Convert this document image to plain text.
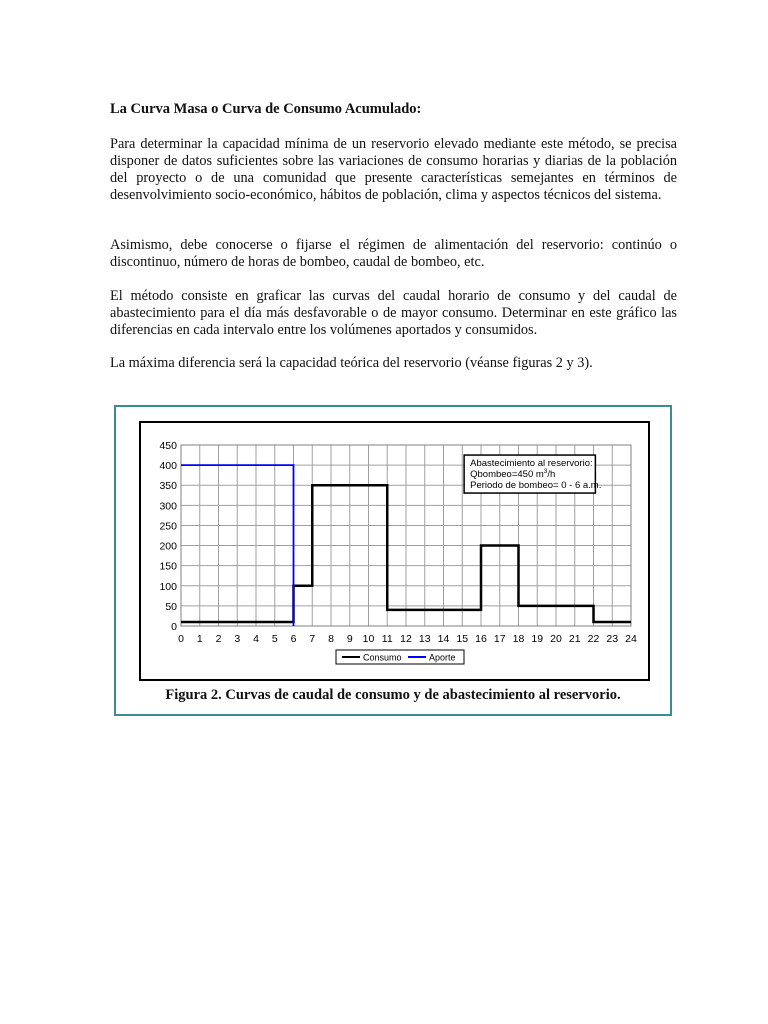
La Curva Masa o Curva de Consumo Acumulado:

Para determinar la capacidad mínima de un reservorio elevado mediante este método, se precisa disponer de datos suficientes sobre las variaciones de consumo horarias y diarias de la población del proyecto o de una comunidad que presente características semejantes en términos de desenvolvimiento socio-económico, hábitos de población, clima y aspectos técnicos del sistema.

Asimismo, debe conocerse o fijarse el régimen de alimentación del reservorio: continúo o discontinuo, número de horas de bombeo, caudal de bombeo, etc.

El método consiste en graficar las curvas del caudal horario de consumo y del caudal de abastecimiento para el día más desfavorable o de mayor consumo. Determinar en este gráfico las diferencias en cada intervalo entre los volúmenes aportados y consumidos.

La máxima diferencia será la capacidad teórica del reservorio (véanse figuras 2 y 3).

0 1 2 3 4 5 6 7 8 9 10 11 12 13 14 15 16 17 18 19 20 21 22 23 24
0
50
100
150
200
250
300
350
400
450
Abastecimiento al reservorio:
Qbombeo=450 $m^3/h$
Periodo de bombeo= 0 - 6 a.m.
Consumo	Aporte
Figura 2. Curvas de caudal de consumo y de abastecimiento al reservorio.
